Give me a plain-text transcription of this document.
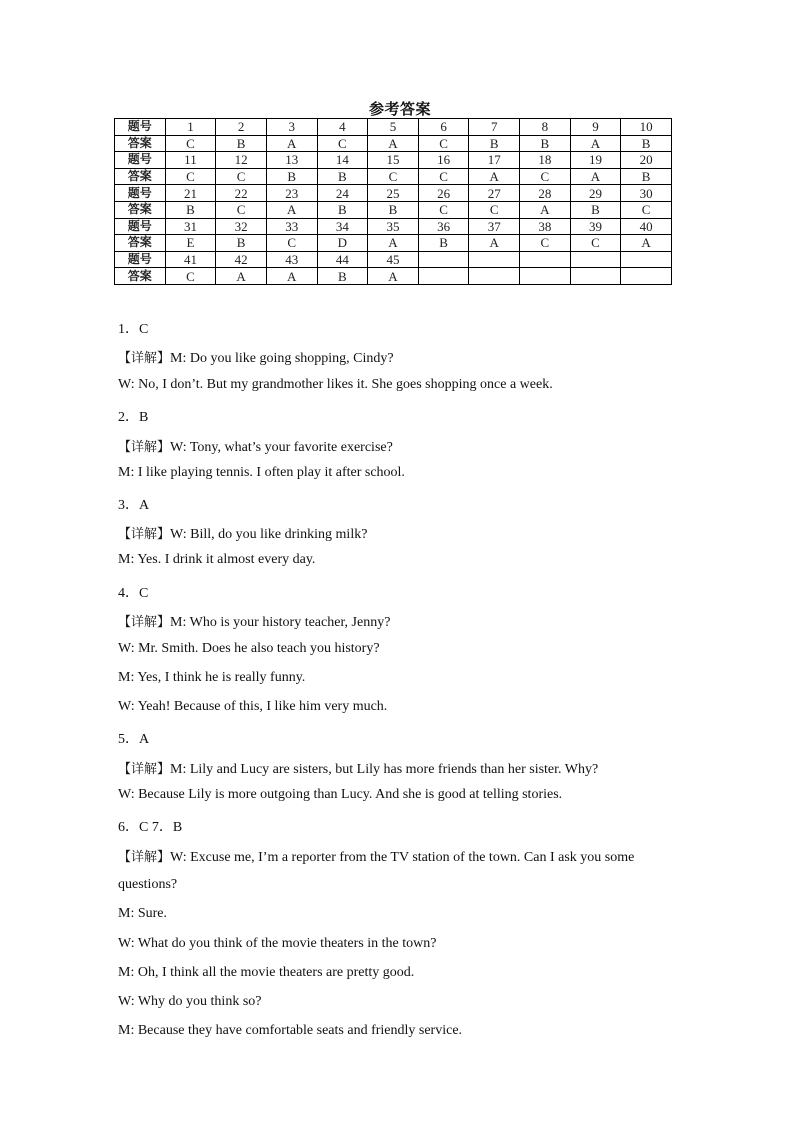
参考答案
题号	1	2	3	4	5	6	7	8	9	10
答案	C	B	A	C	A	C	B	B	A	B
题号	11	12	13	14	15	16	17	18	19	20
答案	C	C	B	B	C	C	A	C	A	B
题号	21	22	23	24	25	26	27	28	29	30
答案	B	C	A	B	B	C	C	A	B	C
题号	31	32	33	34	35	36	37	38	39	40
答案	E	B	C	D	A	B	A	C	C	A
题号	41	42	43	44	45					
答案	C	A	A	B	A					
1．C
【详解】M: Do you like going shopping, Cindy?
W: No, I don’t. But my grandmother likes it. She goes shopping once a week.
2．B
【详解】W: Tony, what’s your favorite exercise?
M: I like playing tennis. I often play it after school.
3．A
【详解】W: Bill, do you like drinking milk?
M: Yes. I drink it almost every day.
4．C
【详解】M: Who is your history teacher, Jenny?
W: Mr. Smith. Does he also teach you history?
M: Yes, I think he is really funny.
W: Yeah! Because of this, I like him very much.
5．A
【详解】M: Lily and Lucy are sisters, but Lily has more friends than her sister. Why?
W: Because Lily is more outgoing than Lucy. And she is good at telling stories.
6．C 7．B
【详解】W: Excuse me, I’m a reporter from the TV station of the town. Can I ask you some
questions?
M: Sure.
W: What do you think of the movie theaters in the town?
M: Oh, I think all the movie theaters are pretty good.
W: Why do you think so?
M: Because they have comfortable seats and friendly service.
